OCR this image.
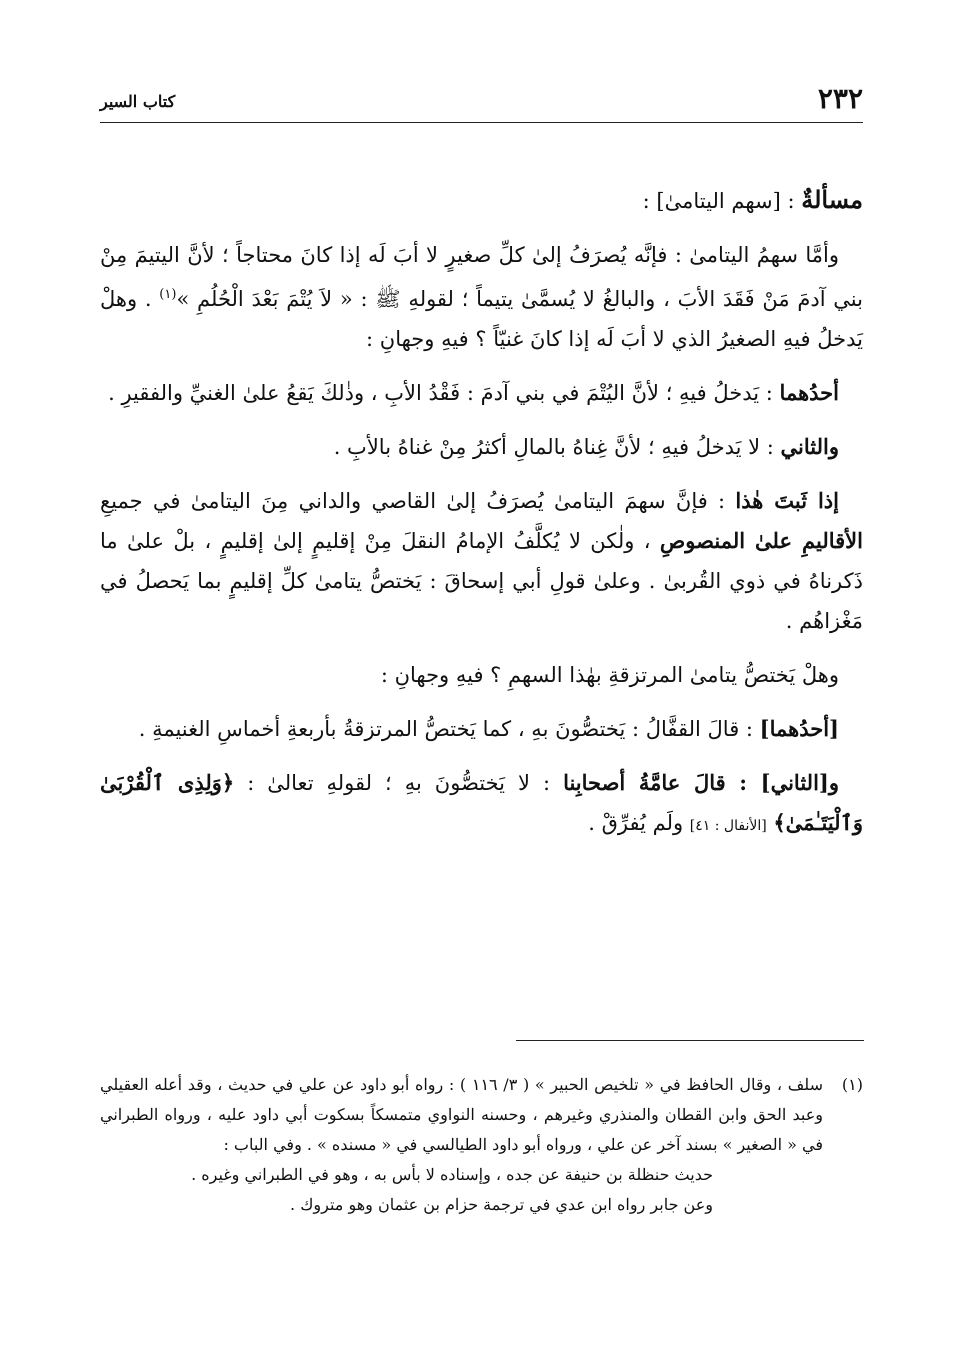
٢٣٢
كتاب السير

مسألةٌ : [سهم اليتامىٰ] :

وأمَّا سهمُ اليتامىٰ : فإنَّه يُصرَفُ إلىٰ كلِّ صغيرٍ لا أبَ لَه إذا كانَ محتاجاً ؛ لأنَّ اليتيمَ مِنْ بني آدمَ مَنْ فَقَدَ الأبَ ، والبالغُ لا يُسمَّىٰ يتيماً ؛ لقولهِ ﷺ : « لاَ يُتْمَ بَعْدَ الْحُلُمِ »$^{(١)}$ . وهلْ يَدخلُ فيهِ الصغيرُ الذي لا أبَ لَه إذا كانَ غنيّاً ؟ فيهِ وجهانِ :

أحدُهما : يَدخلُ فيهِ ؛ لأنَّ اليُتْمَ في بني آدمَ : فَقْدُ الأبِ ، وذٰلكَ يَقعُ علىٰ الغنيِّ والفقيرِ .

والثاني : لا يَدخلُ فيهِ ؛ لأنَّ غِناهُ بالمالِ أكثرُ مِنْ غناهُ بالأبِ .

إذا ثَبتَ هٰذا : فإنَّ سهمَ اليتامىٰ يُصرَفُ إلىٰ القاصي والداني مِنَ اليتامىٰ في جميعِ الأقاليمِ علىٰ المنصوصِ ، ولٰكن لا يُكلَّفُ الإمامُ النقلَ مِنْ إقليمٍ إلىٰ إقليمٍ ، بلْ علىٰ ما ذَكرناهُ في ذوي القُربىٰ . وعلىٰ قولِ أبي إسحاقَ : يَختصُّ يتامىٰ كلِّ إقليمٍ بما يَحصلُ في مَغْزاهُم .

وهلْ يَختصُّ يتامىٰ المرتزقةِ بهٰذا السهمِ ؟ فيهِ وجهانِ :

[أحدُهما] : قالَ القفَّالُ : يَختصُّونَ بهِ ، كما يَختصُّ المرتزقةُ بأربعةِ أخماسِ الغنيمةِ .

و[الثاني] : قالَ عامَّةُ أصحابِنا : لا يَختصُّونَ بهِ ؛ لقولهِ تعالىٰ : ﴿وَلِذِى ٱلْقُرْبَىٰ وَٱلْيَتَـٰمَىٰ﴾ [الأنفال : ٤١] ولَم يُفرِّقْ .

(١)

سلف ، وقال الحافظ في « تلخيص الحبير » ( ٣/ ١١٦ ) : رواه أبو داود عن علي في حديث ، وقد أعله العقيلي وعبد الحق وابن القطان والمنذري وغيرهم ، وحسنه النواوي متمسكاً بسكوت أبي داود عليه ، ورواه الطبراني في « الصغير » بسند آخر عن علي ، ورواه أبو داود الطيالسي في « مسنده » . وفي الباب :

حديث حنظلة بن حنيفة عن جده ، وإسناده لا بأس به ، وهو في الطبراني وغيره .

وعن جابر رواه ابن عدي في ترجمة حزام بن عثمان وهو متروك .
